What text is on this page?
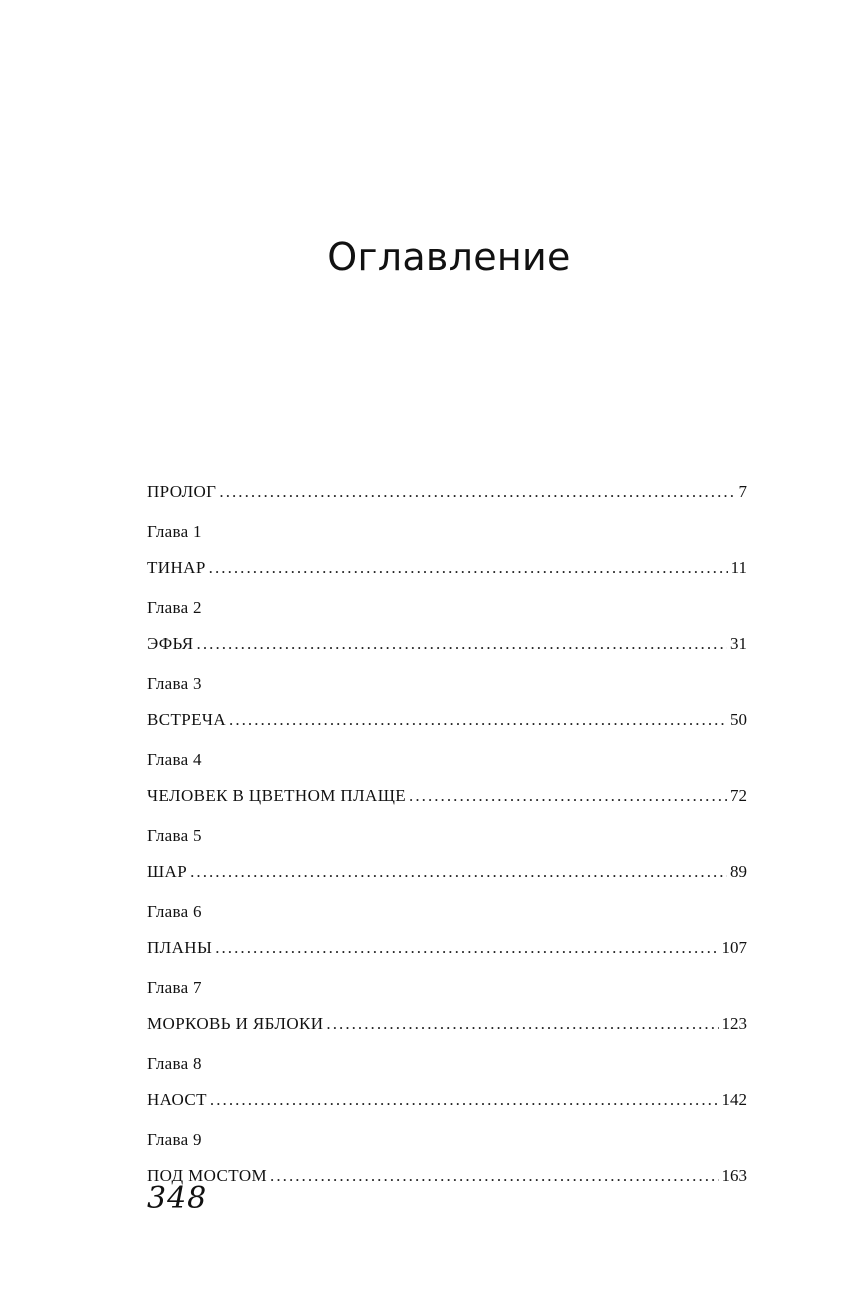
Оглавление
ПРОЛОГ . . .	7
Глава 1
ТИНАР . . .	11
Глава 2
ЭФЬЯ . . .	31
Глава 3
ВСТРЕЧА . . .	50
Глава 4
ЧЕЛОВЕК В ЦВЕТНОМ ПЛАЩЕ . . .	72
Глава 5
ШАР . . .	89
Глава 6
ПЛАНЫ . . .	107
Глава 7
МОРКОВЬ И ЯБЛОКИ . . .	123
Глава 8
НАОСТ . . .	142
Глава 9
ПОД МОСТОМ . . .	163
348
